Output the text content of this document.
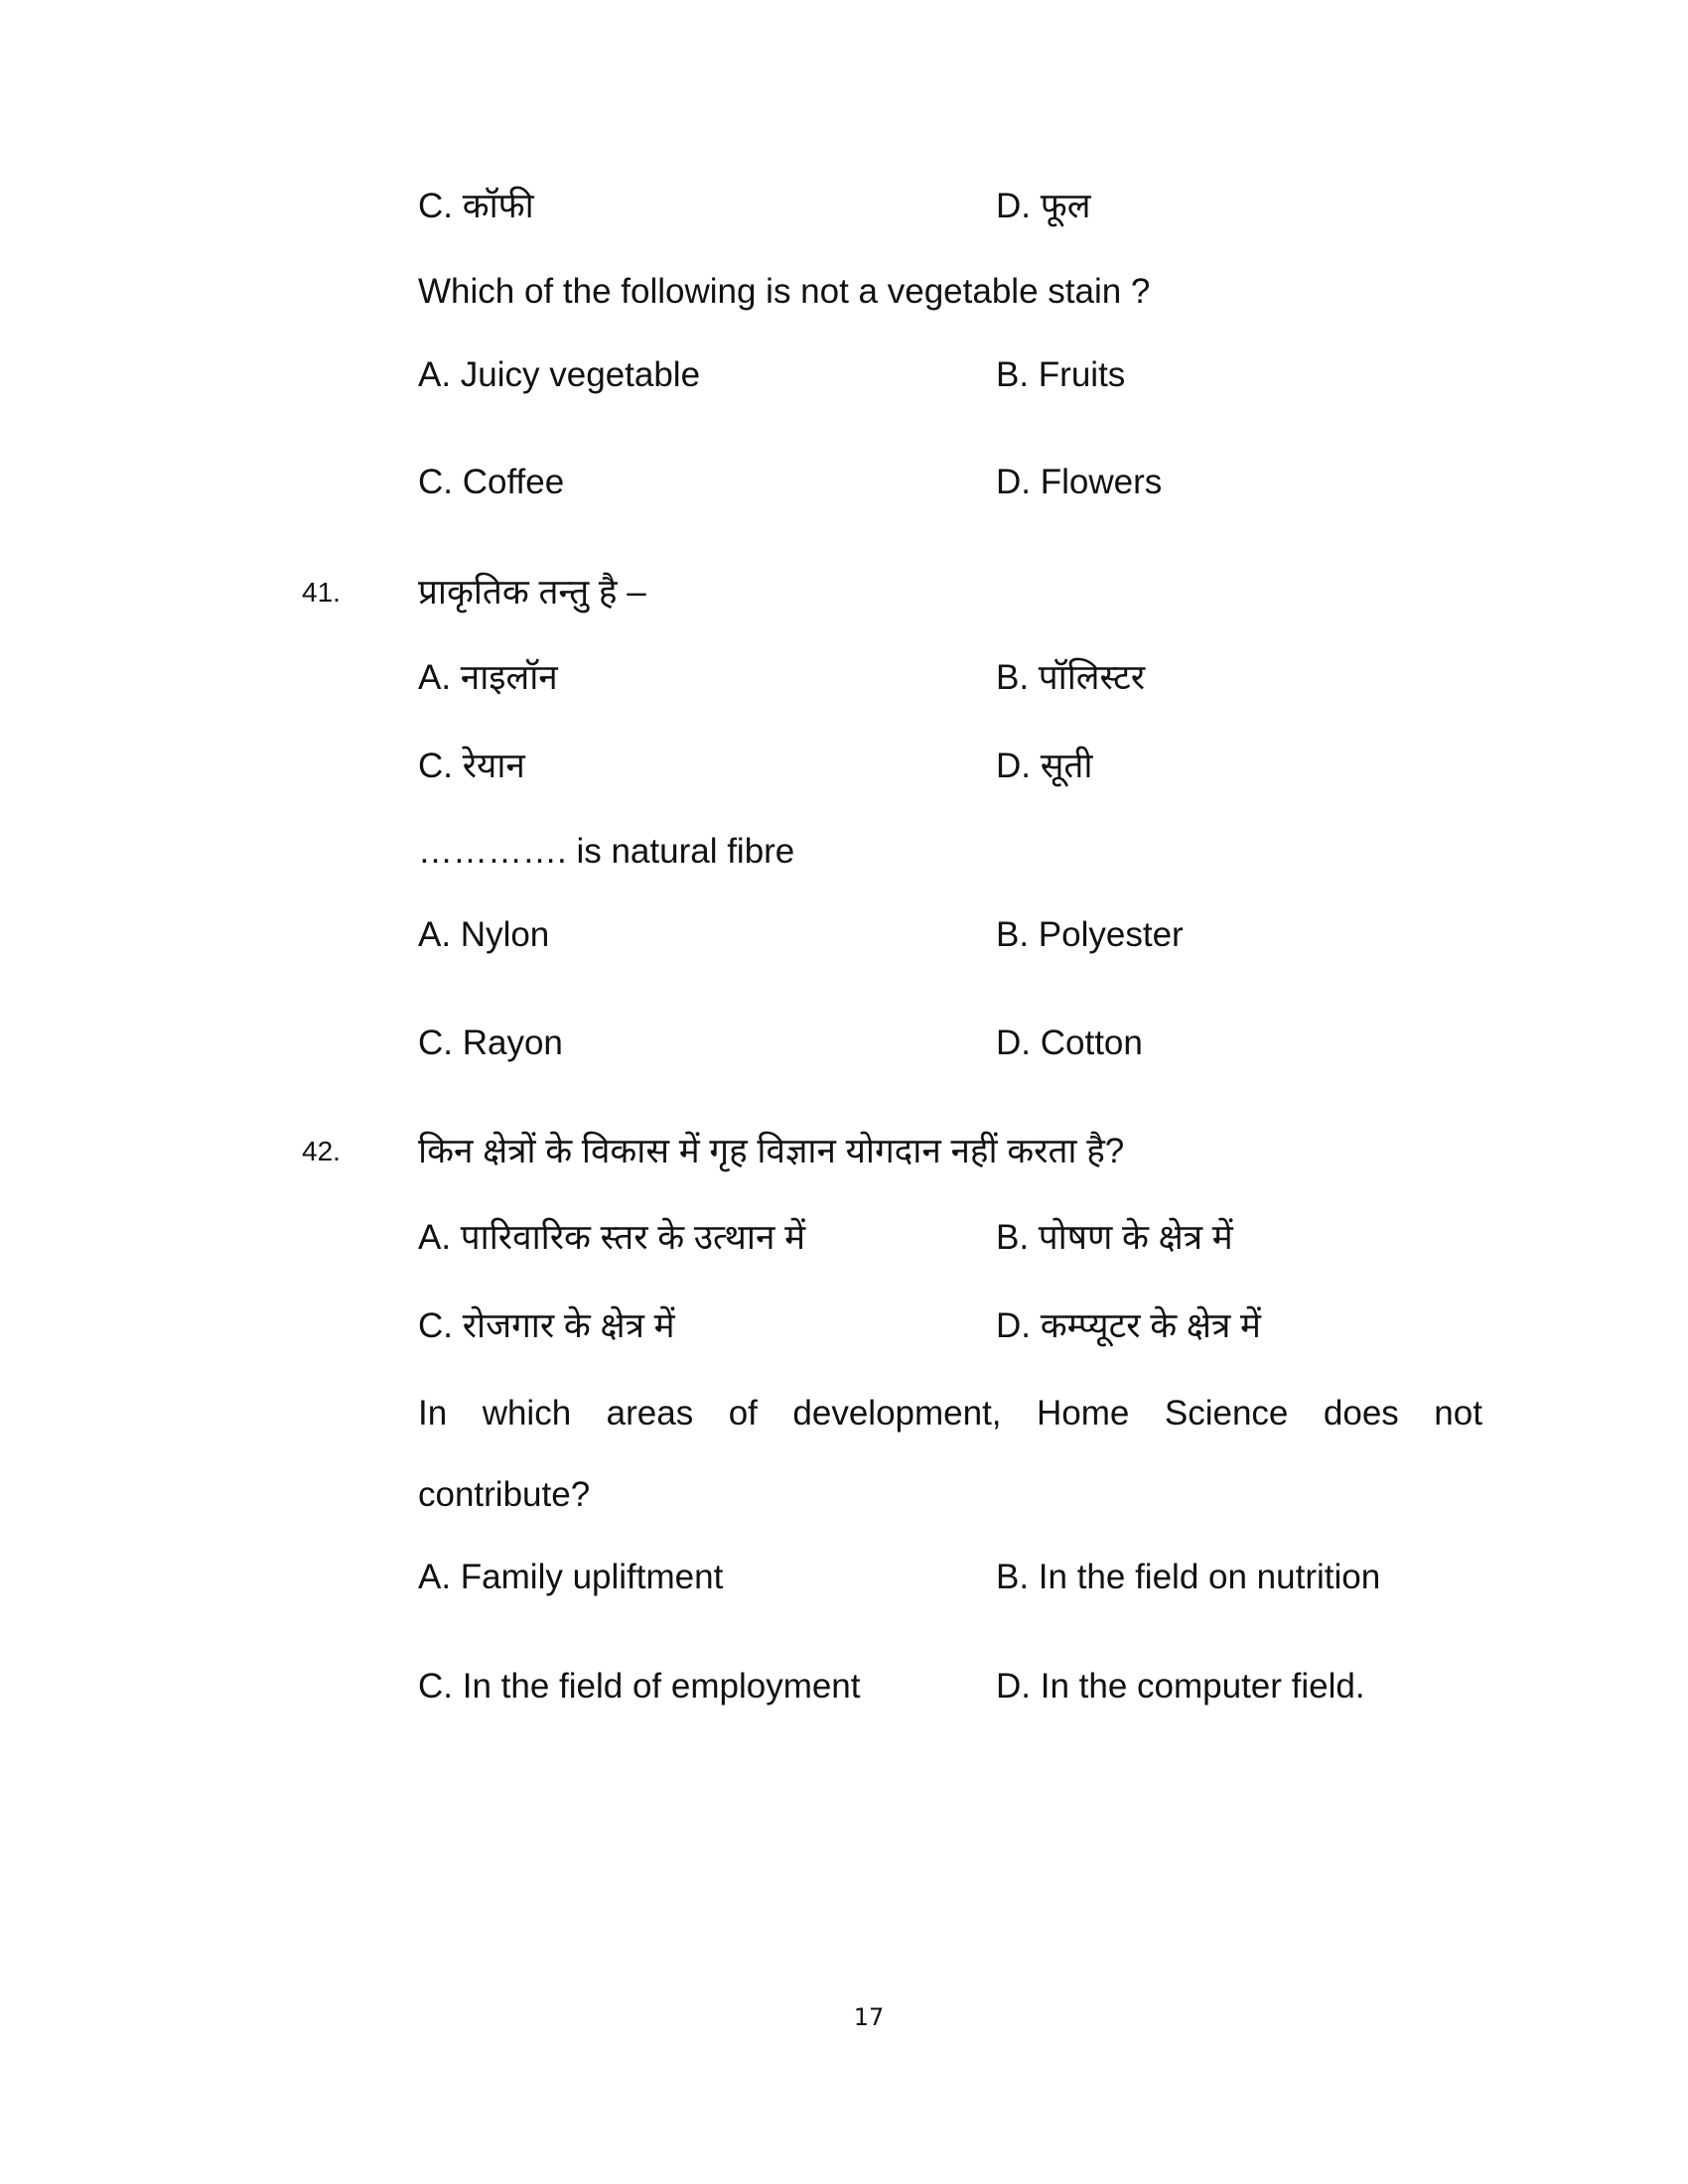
C. कॉफी	D. फूल
Which of the following is not a vegetable stain ?
A. Juicy vegetable	B. Fruits
C. Coffee	D. Flowers
41. प्राकृतिक तन्तु है –
A. नाइलॉन	B. पॉलिस्टर
C. रेयान	D. सूती
…………. is natural fibre
A. Nylon	B. Polyester
C. Rayon	D. Cotton
42. किन क्षेत्रों के विकास में गृह विज्ञान योगदान नहीं करता है?
A. पारिवारिक स्तर के उत्थान में	B. पोषण के क्षेत्र में
C. रोजगार के क्षेत्र में	D. कम्प्यूटर के क्षेत्र में
In which areas of development, Home Science does not
contribute?
A. Family upliftment	B. In the field on nutrition
C. In the field of employment	D. In the computer field.
17
